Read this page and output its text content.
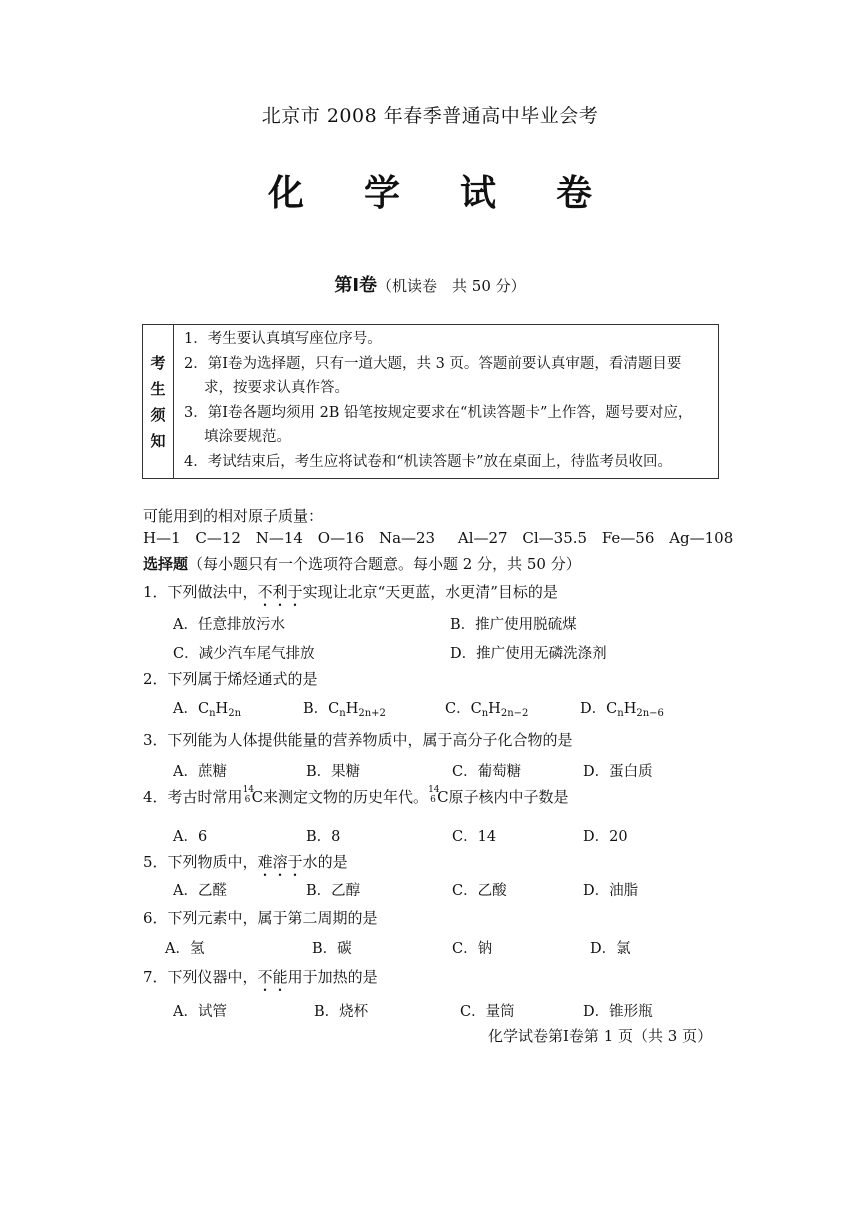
北京市 2008 年春季普通高中毕业会考
化 学 试 卷
第Ⅰ卷（机读卷　共 50 分）
考
生
须
知

1．考生要认真填写座位序号。
2．第Ⅰ卷为选择题，只有一道大题，共 3 页。答题前要认真审题，看清题目要
求，按要求认真作答。
3．第Ⅰ卷各题均须用 2B 铅笔按规定要求在“机读答题卡”上作答，题号要对应，
填涂要规范。
4．考试结束后，考生应将试卷和“机读答题卡”放在桌面上，待监考员收回。
可能用到的相对原子质量：
H—1 C—12 N—14 O—16 Na—23 Al—27 Cl—35.5 Fe—56 Ag—108
选择题（每小题只有一个选项符合题意。每小题 2 分，共 50 分）
1．下列做法中，不利于实现让北京“天更蓝，水更清”目标的是
A．任意排放污水	B．推广使用脱硫煤
C．减少汽车尾气排放	D．推广使用无磷洗涤剂
2．下列属于烯烃通式的是
A．$C_nH_{2n}$	B．$C_nH_{2n+2}$	C．$C_nH_{2n-2}$	D．$C_nH_{2n-6}$
3．下列能为人体提供能量的营养物质中，属于高分子化合物的是
A．蔗糖	B．果糖	C．葡萄糖	D．蛋白质
4．考古时常用 14
6 C来测定文物的历史年代。 14
6 C原子核内中子数是
A．6	B．8	C．14	D．20
5．下列物质中，难溶于水的是
A．乙醛	B．乙醇	C．乙酸	D．油脂
6．下列元素中，属于第二周期的是
A．氢	B．碳	C．钠	D．氯
7．下列仪器中，不能用于加热的是
A．试管	B．烧杯	C．量筒	D．锥形瓶
化学试卷第Ⅰ卷第 1 页（共 3 页）
